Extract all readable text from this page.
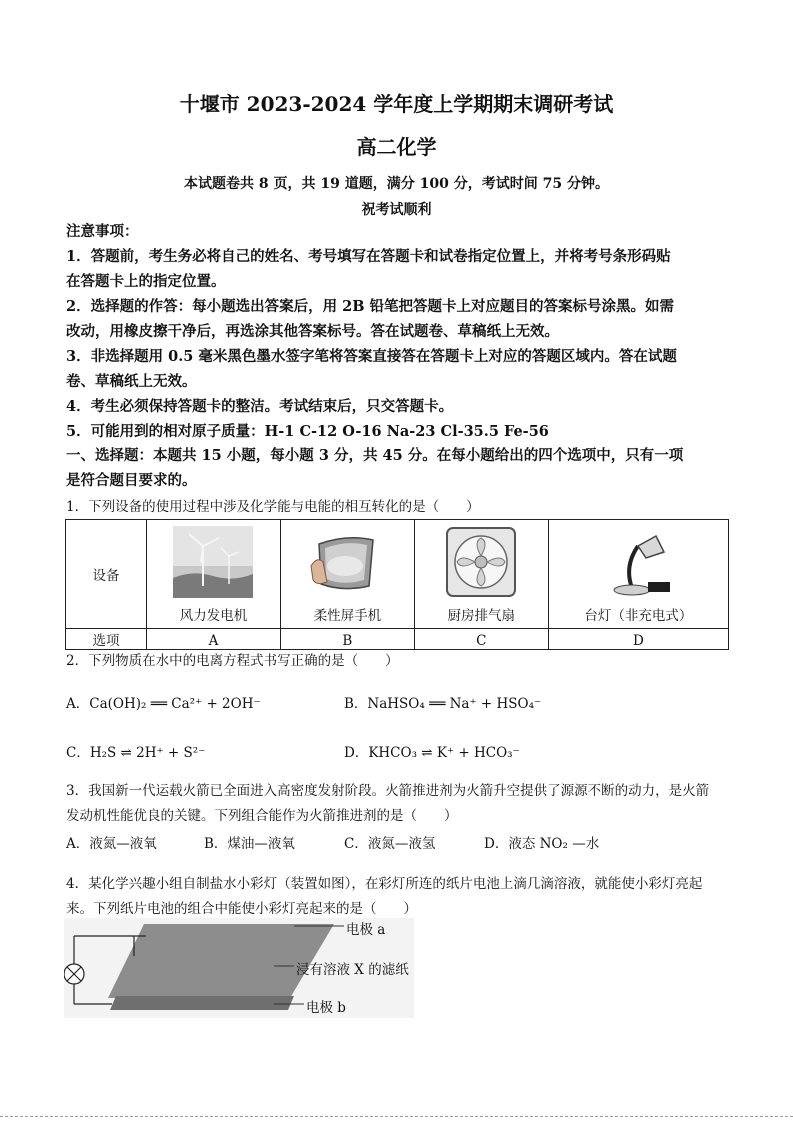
十堰市 2023-2024 学年度上学期期末调研考试
高二化学
本试题卷共 8 页，共 19 道题，满分 100 分，考试时间 75 分钟。
祝考试顺利
注意事项：
1．答题前，考生务必将自己的姓名、考号填写在答题卡和试卷指定位置上，并将考号条形码贴
在答题卡上的指定位置。
2．选择题的作答：每小题选出答案后，用 2B 铅笔把答题卡上对应题目的答案标号涂黑。如需
改动，用橡皮擦干净后，再选涂其他答案标号。答在试题卷、草稿纸上无效。
3．非选择题用 0.5 毫米黑色墨水签字笔将答案直接答在答题卡上对应的答题区域内。答在试题
卷、草稿纸上无效。
4．考生必须保持答题卡的整洁。考试结束后，只交答题卡。
5．可能用到的相对原子质量：H-1 C-12 O-16 Na-23 Cl-35.5 Fe-56
一、选择题：本题共 15 小题，每小题 3 分，共 45 分。在每小题给出的四个选项中，只有一项
是符合题目要求的。
1．下列设备的使用过程中涉及化学能与电能的相互转化的是（　　）
设备	风力发电机	柔性屏手机	厨房排气扇	台灯（非充电式）

选项	A	B	C	D
2．下列物质在水中的电离方程式书写正确的是（　　）
A．Ca(OH)₂ ══ Ca²⁺ + 2OH⁻	B．NaHSO₄ ══ Na⁺ + HSO₄⁻
C．H₂S ⇌ 2H⁺ + S²⁻	D．KHCO₃ ⇌ K⁺ + HCO₃⁻
3．我国新一代运载火箭已全面进入高密度发射阶段。火箭推进剂为火箭升空提供了源源不断的动力，是火箭
发动机性能优良的关键。下列组合能作为火箭推进剂的是（　　）
A．液氮—液氧	B．煤油—液氧	C．液氮—液氢	D．液态 NO₂ —水
4．某化学兴趣小组自制盐水小彩灯（装置如图），在彩灯所连的纸片电池上滴几滴溶液，就能使小彩灯亮起
来。下列纸片电池的组合中能使小彩灯亮起来的是（　　）
电极 a
浸有溶液 X 的滤纸
电极 b
